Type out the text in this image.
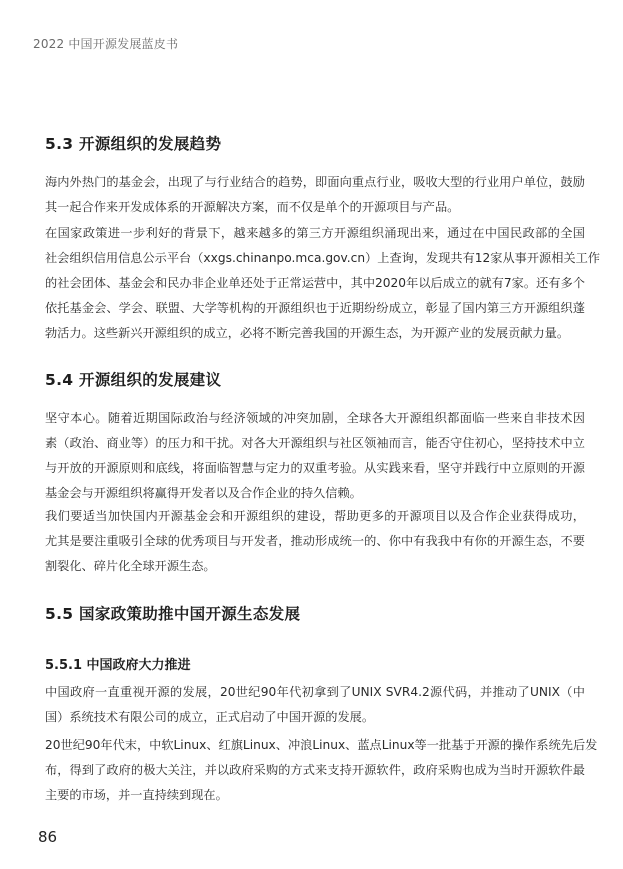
2022 中国开源发展蓝皮书
5.3 开源组织的发展趋势
海内外热门的基金会，出现了与行业结合的趋势，即面向重点行业，吸收大型的行业用户单位，鼓励
其一起合作来开发成体系的开源解决方案，而不仅是单个的开源项目与产品。
在国家政策进一步利好的背景下，越来越多的第三方开源组织涌现出来，通过在中国民政部的全国
社会组织信用信息公示平台（xxgs.chinanpo.mca.gov.cn）上查询，发现共有12家从事开源相关工作
的社会团体、基金会和民办非企业单还处于正常运营中，其中2020年以后成立的就有7家。还有多个
依托基金会、学会、联盟、大学等机构的开源组织也于近期纷纷成立，彰显了国内第三方开源组织蓬
勃活力。这些新兴开源组织的成立，必将不断完善我国的开源生态，为开源产业的发展贡献力量。
5.4 开源组织的发展建议
坚守本心。随着近期国际政治与经济领域的冲突加剧，全球各大开源组织都面临一些来自非技术因
素（政治、商业等）的压力和干扰。对各大开源组织与社区领袖而言，能否守住初心，坚持技术中立
与开放的开源原则和底线，将面临智慧与定力的双重考验。从实践来看，坚守并践行中立原则的开源
基金会与开源组织将赢得开发者以及合作企业的持久信赖。
我们要适当加快国内开源基金会和开源组织的建设，帮助更多的开源项目以及合作企业获得成功，
尤其是要注重吸引全球的优秀项目与开发者，推动形成统一的、你中有我我中有你的开源生态，不要
割裂化、碎片化全球开源生态。
5.5 国家政策助推中国开源生态发展
5.5.1 中国政府大力推进
中国政府一直重视开源的发展，20世纪90年代初拿到了UNIX SVR4.2源代码，并推动了UNIX（中
国）系统技术有限公司的成立，正式启动了中国开源的发展。
20世纪90年代末，中软Linux、红旗Linux、冲浪Linux、蓝点Linux等一批基于开源的操作系统先后发
布，得到了政府的极大关注，并以政府采购的方式来支持开源软件，政府采购也成为当时开源软件最
主要的市场，并一直持续到现在。
86
